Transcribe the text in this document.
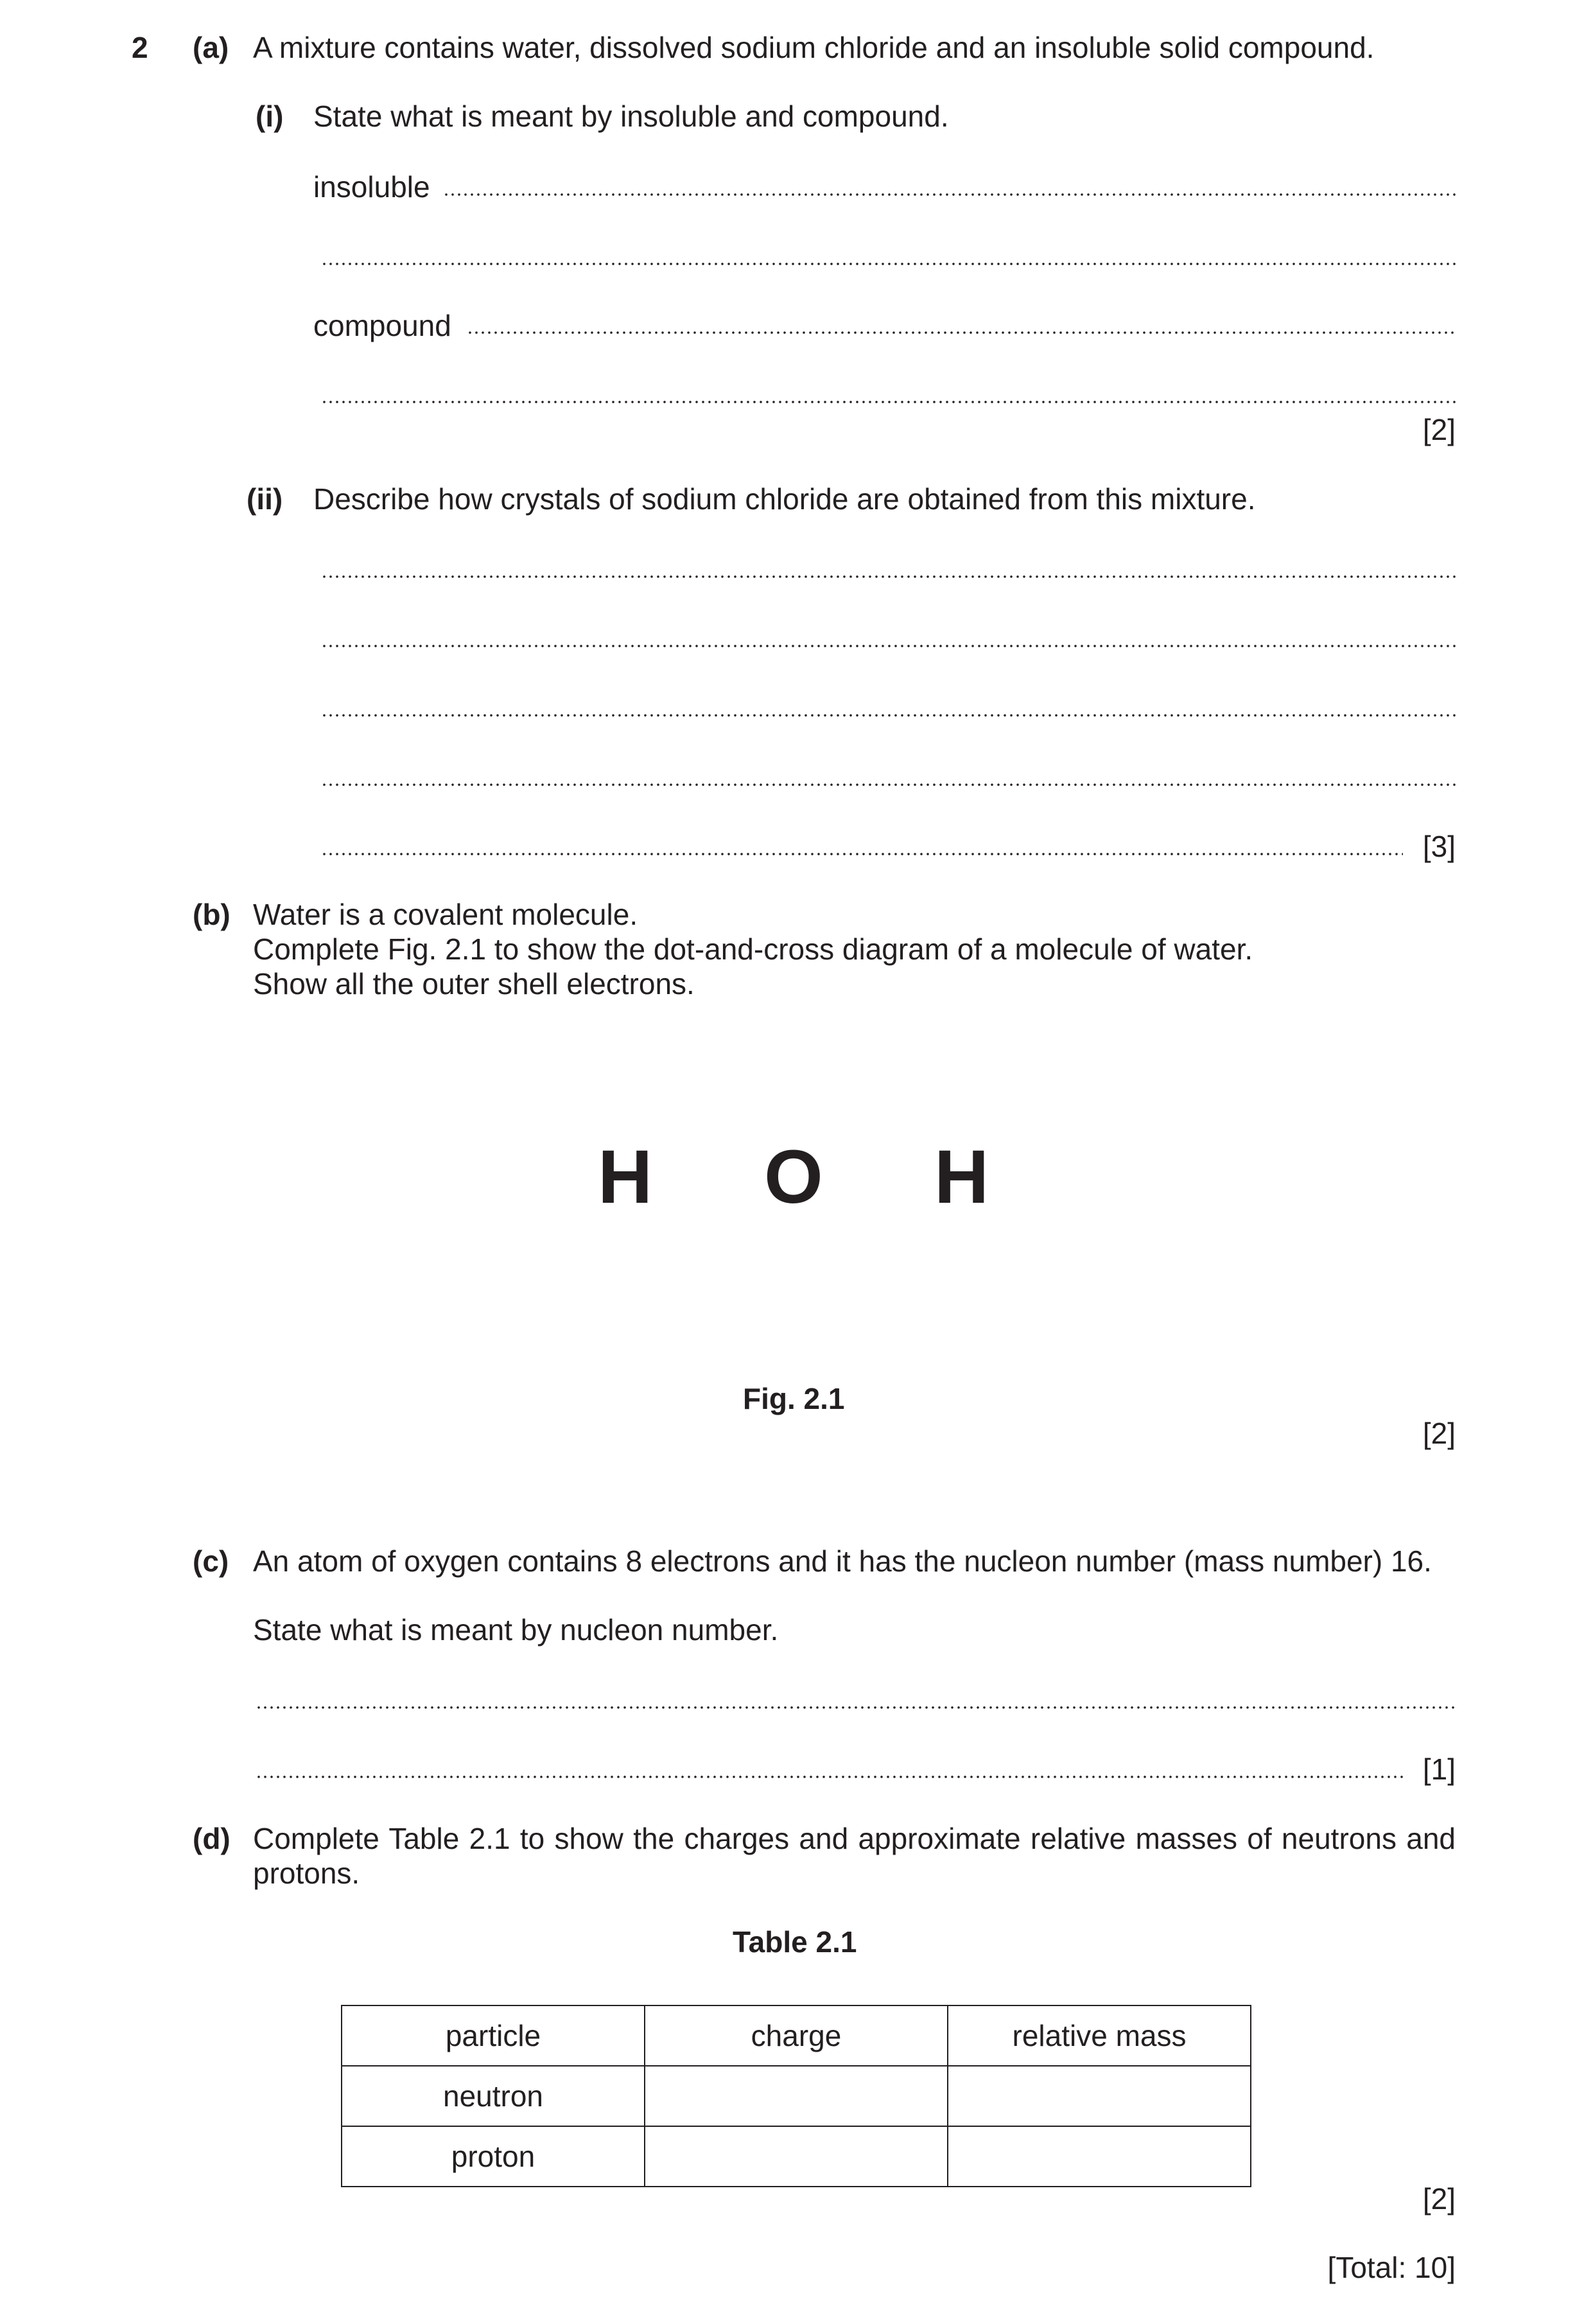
2 (a) A mixture contains water, dissolved sodium chloride and an insoluble solid compound.
(i) State what is meant by insoluble and compound.
insoluble
compound
[2]
(ii) Describe how crystals of sodium chloride are obtained from this mixture.
[3]
(b) Water is a covalent molecule.
Complete Fig. 2.1 to show the dot-and-cross diagram of a molecule of water.
Show all the outer shell electrons.
H O H
Fig. 2.1
[2]
(c) An atom of oxygen contains 8 electrons and it has the nucleon number (mass number) 16.
State what is meant by nucleon number.
[1]
(d) Complete Table 2.1 to show the charges and approximate relative masses of neutrons and
protons.
Table 2.1
particle	charge	relative mass
neutron		
proton		
[2]
[Total: 10]
